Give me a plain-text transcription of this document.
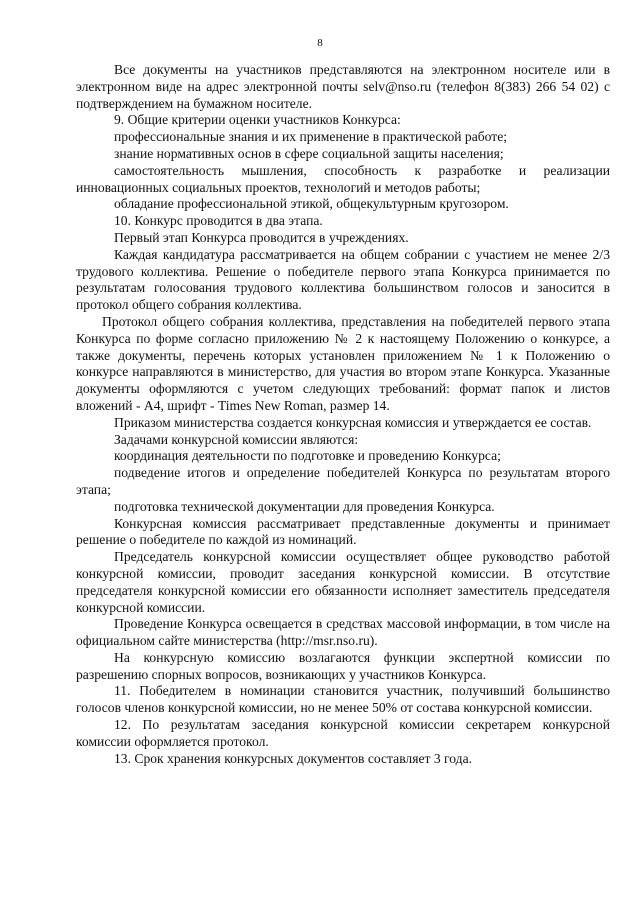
8

Все документы на участников представляются на электронном носителе или в электронном виде на адрес электронной почты selv@nso.ru (телефон 8(383) 266 54 02) с подтверждением на бумажном носителе.

9. Общие критерии оценки участников Конкурса:

профессиональные знания и их применение в практической работе;

знание нормативных основ в сфере социальной защиты населения;

самостоятельность мышления, способность к разработке и реализации инновационных социальных проектов, технологий и методов работы;

обладание профессиональной этикой, общекультурным кругозором.

10. Конкурс проводится в два этапа.

Первый этап Конкурса проводится в учреждениях.

Каждая кандидатура рассматривается на общем собрании с участием не менее 2/3 трудового коллектива. Решение о победителе первого этапа Конкурса принимается по результатам голосования трудового коллектива большинством голосов и заносится в протокол общего собрания коллектива.

Протокол общего собрания коллектива, представления на победителей первого этапа Конкурса по форме согласно приложению № 2 к настоящему Положению о конкурсе, а также документы, перечень которых установлен приложением № 1 к Положению о конкурсе направляются в министерство, для участия во втором этапе Конкурса. Указанные документы оформляются с учетом следующих требований: формат папок и листов вложений - А4, шрифт - Times New Roman, размер 14.

Приказом министерства создается конкурсная комиссия и утверждается ее состав.

Задачами конкурсной комиссии являются:

координация деятельности по подготовке и проведению Конкурса;

подведение итогов и определение победителей Конкурса по результатам второго этапа;

подготовка технической документации для проведения Конкурса.

Конкурсная комиссия рассматривает представленные документы и принимает решение о победителе по каждой из номинаций.

Председатель конкурсной комиссии осуществляет общее руководство работой конкурсной комиссии, проводит заседания конкурсной комиссии. В отсутствие председателя конкурсной комиссии его обязанности исполняет заместитель председателя конкурсной комиссии.

Проведение Конкурса освещается в средствах массовой информации, в том числе на официальном сайте министерства (http://msr.nso.ru).

На конкурсную комиссию возлагаются функции экспертной комиссии по разрешению спорных вопросов, возникающих у участников Конкурса.

11. Победителем в номинации становится участник, получивший большинство голосов членов конкурсной комиссии, но не менее 50% от состава конкурсной комиссии.

12. По результатам заседания конкурсной комиссии секретарем конкурсной комиссии оформляется протокол.

13. Срок хранения конкурсных документов составляет 3 года.
